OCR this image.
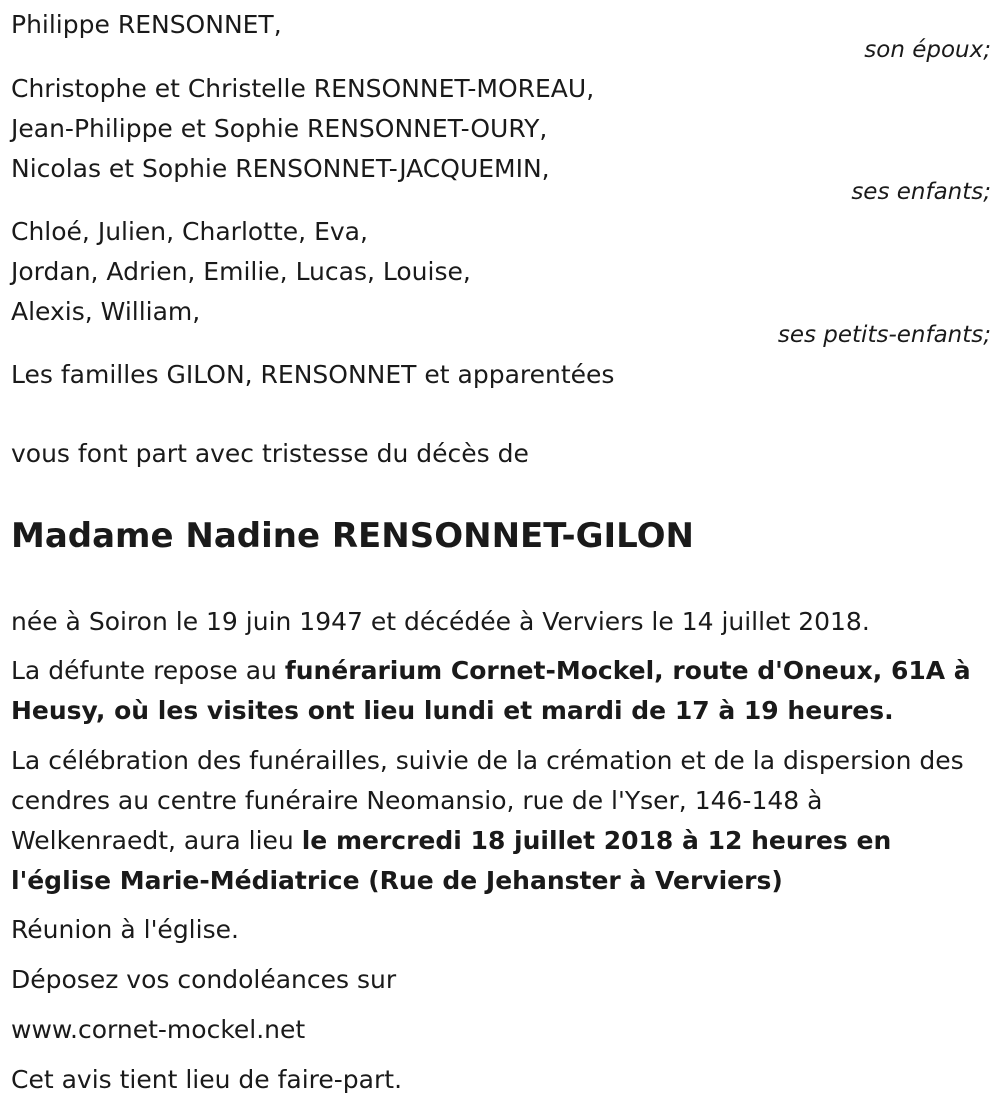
Philippe RENSONNET,
son époux;
Christophe et Christelle RENSONNET-MOREAU,
Jean-Philippe et Sophie RENSONNET-OURY,
Nicolas et Sophie RENSONNET-JACQUEMIN,
ses enfants;
Chloé, Julien, Charlotte, Eva,
Jordan, Adrien, Emilie, Lucas, Louise,
Alexis, William,
ses petits-enfants;
Les familles GILON, RENSONNET et apparentées
vous font part avec tristesse du décès de
Madame Nadine RENSONNET-GILON
née à Soiron le 19 juin 1947 et décédée à Verviers le 14 juillet 2018.
La défunte repose au funérarium Cornet-Mockel, route d'Oneux, 61A à Heusy, où les visites ont lieu lundi et mardi de 17 à 19 heures.
La célébration des funérailles, suivie de la crémation et de la dispersion des cendres au centre funéraire Neomansio, rue de l'Yser, 146-148 à Welkenraedt, aura lieu le mercredi 18 juillet 2018 à 12 heures en l'église Marie-Médiatrice (Rue de Jehanster à Verviers)
Réunion à l'église.
Déposez vos condoléances sur
www.cornet-mockel.net
Cet avis tient lieu de faire-part.
